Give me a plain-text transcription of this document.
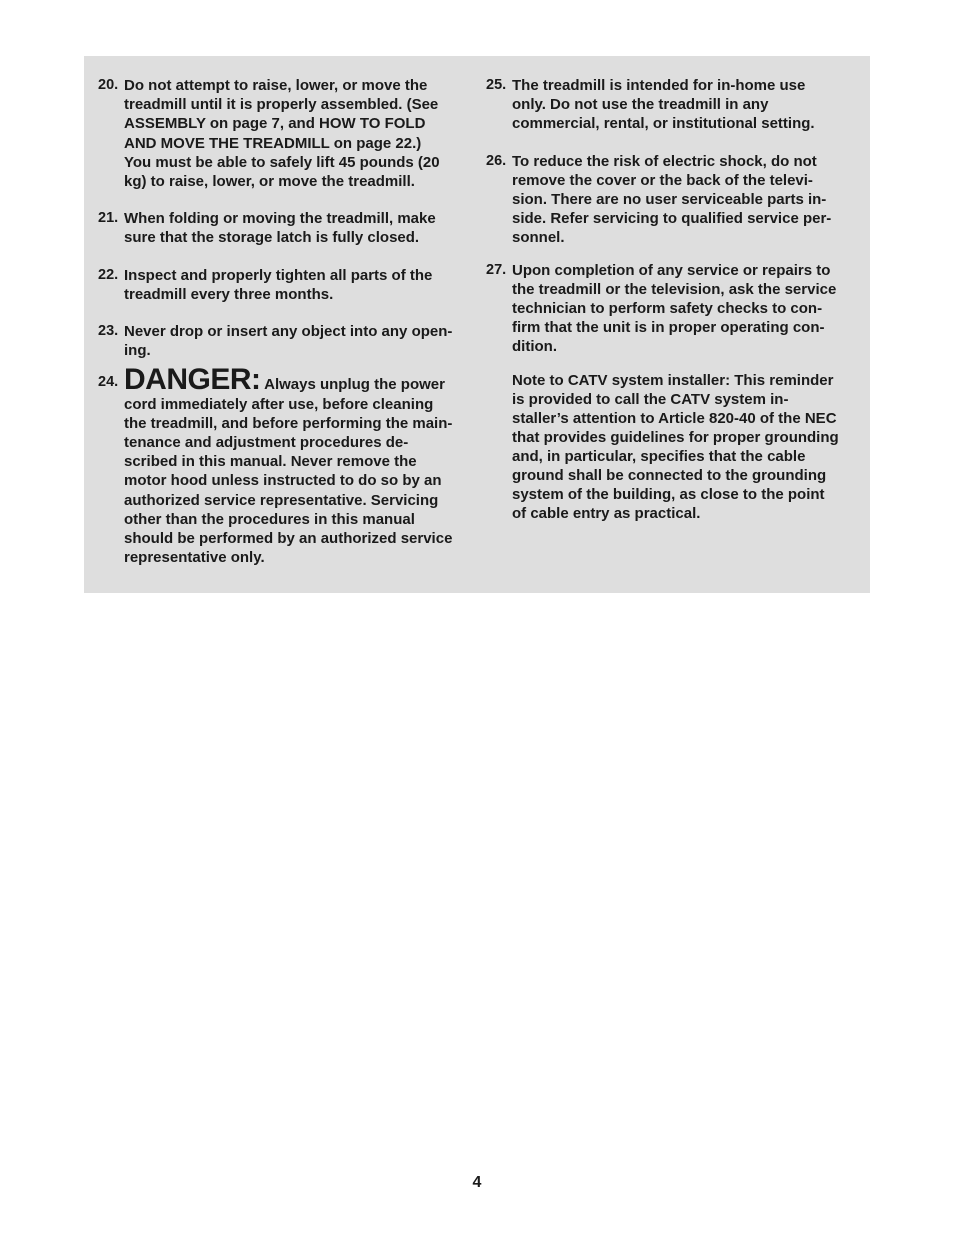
20. Do not attempt to raise, lower, or move the
treadmill until it is properly assembled. (See
ASSEMBLY on page 7, and HOW TO FOLD
AND MOVE THE TREADMILL on page 22.)
You must be able to safely lift 45 pounds (20
kg) to raise, lower, or move the treadmill.
21. When folding or moving the treadmill, make
sure that the storage latch is fully closed.
22. Inspect and properly tighten all parts of the
treadmill every three months.
23. Never drop or insert any object into any open-
ing.
24. DANGER: Always unplug the power
cord immediately after use, before cleaning
the treadmill, and before performing the main-
tenance and adjustment procedures de-
scribed in this manual. Never remove the
motor hood unless instructed to do so by an
authorized service representative. Servicing
other than the procedures in this manual
should be performed by an authorized service
representative only.
25. The treadmill is intended for in-home use
only. Do not use the treadmill in any
commercial, rental, or institutional setting.
26. To reduce the risk of electric shock, do not
remove the cover or the back of the televi-
sion. There are no user serviceable parts in-
side. Refer servicing to qualified service per-
sonnel.
27. Upon completion of any service or repairs to
the treadmill or the television, ask the service
technician to perform safety checks to con-
firm that the unit is in proper operating con-
dition.
Note to CATV system installer: This reminder
is provided to call the CATV system in-
staller’s attention to Article 820-40 of the NEC
that provides guidelines for proper grounding
and, in particular, specifies that the cable
ground shall be connected to the grounding
system of the building, as close to the point
of cable entry as practical.
4
